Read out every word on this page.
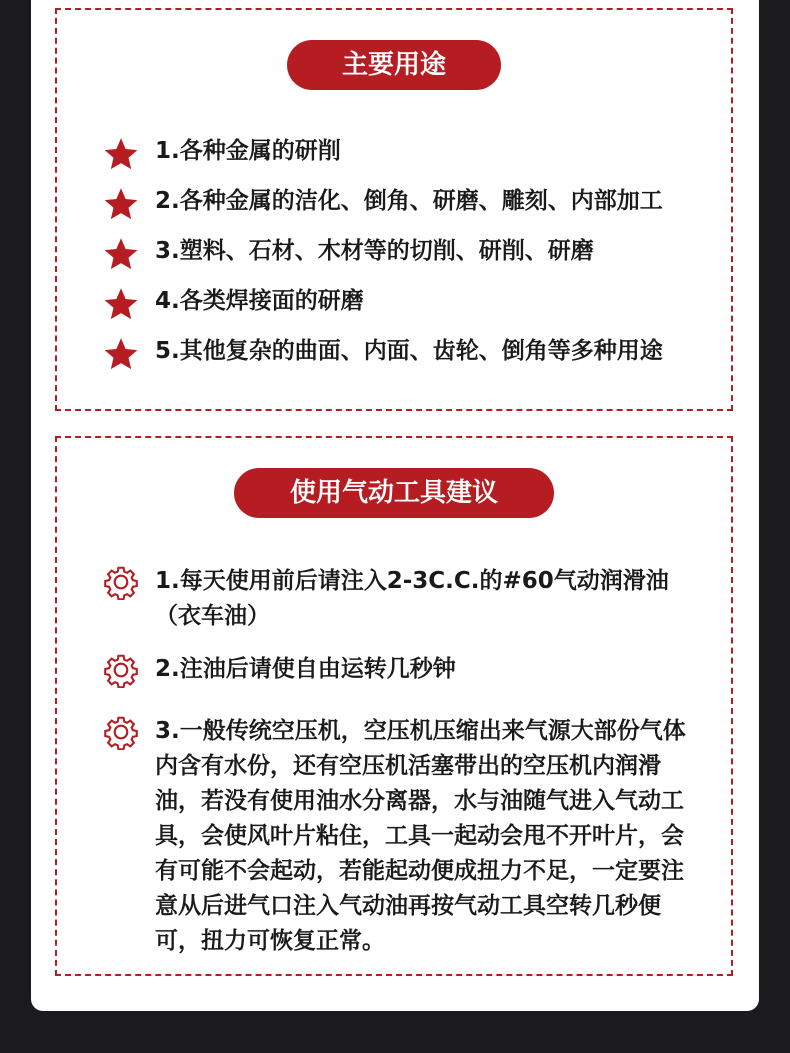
主要用途
1.各种金属的研削
2.各种金属的洁化、倒角、研磨、雕刻、内部加工
3.塑料、石材、木材等的切削、研削、研磨
4.各类焊接面的研磨
5.其他复杂的曲面、内面、齿轮、倒角等多种用途
使用气动工具建议
1.每天使用前后请注入2-3C.C.的#60气动润滑油（衣车油）
2.注油后请使自由运转几秒钟
3.一般传统空压机，空压机压缩出来气源大部份气体内含有水份，还有空压机活塞带出的空压机内润滑油，若没有使用油水分离器，水与油随气进入气动工具，会使风叶片粘住，工具一起动会甩不开叶片，会有可能不会起动，若能起动便成扭力不足，一定要注意从后进气口注入气动油再按气动工具空转几秒便可，扭力可恢复正常。
